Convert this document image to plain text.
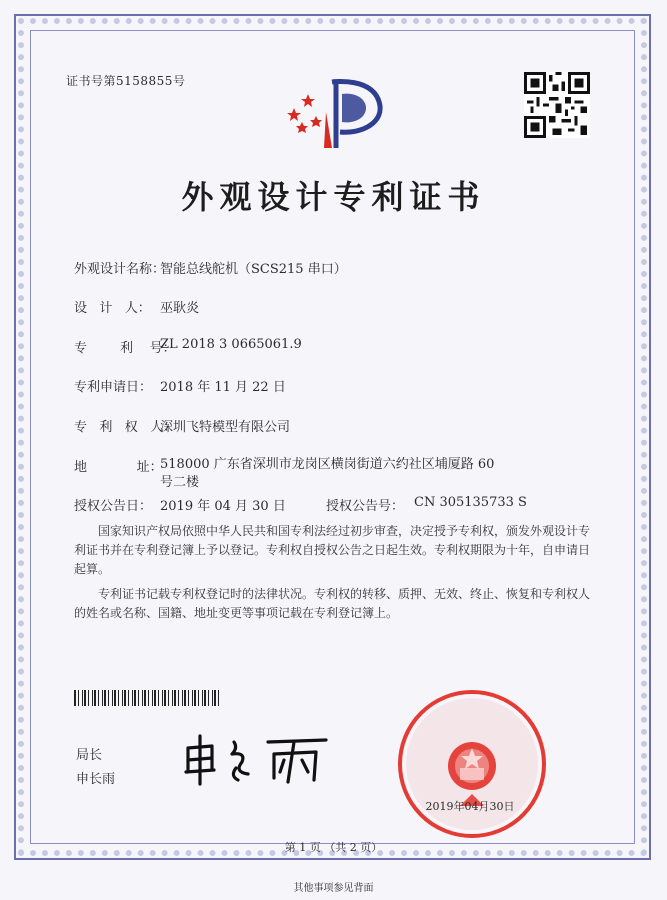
证书号第5158855号
外观设计专利证书
外观设计名称：
智能总线舵机（SCS215 串口）
设   计   人： 巫耿炎
专        利    号：
ZL 2018 3 0665061.9
专利申请日： 2018 年 11 月 22 日
专   利   权   人：
深圳飞特模型有限公司
地            址：
518000 广东省深圳市龙岗区横岗街道六约社区埔厦路 60 号二楼
授权公告日： 2019 年 04 月 30 日	授权公告号： CN 305135733 S
国家知识产权局依照中华人民共和国专利法经过初步审查，决定授予专利权，颁发外观设计专利证书并在专利登记簿上予以登记。专利权自授权公告之日起生效。专利权期限为十年，自申请日起算。
专利证书记载专利权登记时的法律状况。专利权的转移、质押、无效、终止、恢复和专利权人的姓名或名称、国籍、地址变更等事项记载在专利登记簿上。
局长
申长雨
2019年04月30日
第 1 页 （共 2 页）
其他事项参见背面
